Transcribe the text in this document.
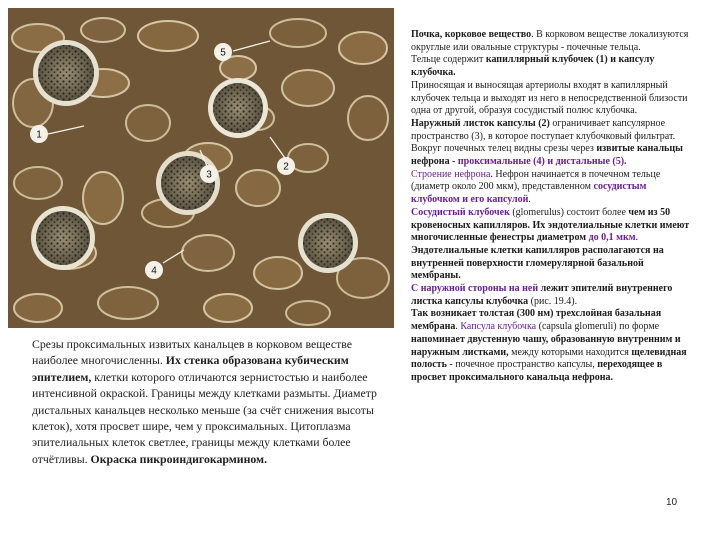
1
2
3
4
5
Срезы проксимальных извитых канальцев в корковом веществе наиболее многочисленны. Их стенка образована кубическим эпителием, клетки которого отличаются зернистостью и наиболее интенсивной окраской. Границы между клетками размыты. Диаметр дистальных канальцев несколько меньше (за счёт снижения высоты клеток), хотя просвет шире, чем у проксимальных. Цитоплазма эпителиальных клеток светлее, границы между клетками более отчётливы. Окраска пикроиндигокармином.

Почка, корковое вещество. В корковом веществе локализуются округлые или овальные структуры - почечные тельца.

Тельце содержит капиллярный клубочек (1) и капсулу клубочка.

Приносящая и выносящая артериолы входят в капиллярный клубочек тельца и выходят из него в непосредственной близости одна от другой, образуя сосудистый полюс клубочка.

Наружный листок капсулы (2) ограничивает капсулярное пространство (3), в которое поступает клубочковый фильтрат. Вокруг почечных телец видны срезы через извитые канальцы нефрона - проксимальные (4) и дистальные (5).

Строение нефрона. Нефрон начинается в почечном тельце (диаметр около 200 мкм), представленном сосудистым клубочком и его капсулой.

Сосудистый клубочек (glomerulus) состоит более чем из 50 кровеносных капилляров. Их эндотелиальные клетки имеют многочисленные фенестры диаметром до 0,1 мкм.

Эндотелиальные клетки капилляров располагаются на внутренней поверхности гломерулярной базальной мембраны.

С наружной стороны на ней лежит эпителий внутреннего листка капсулы клубочка (рис. 19.4).

Так возникает толстая (300 нм) трехслойная базальная мембрана. Капсула клубочка (capsula glomeruli) по форме напоминает двустенную чашу, образованную внутренним и наружным листками, между которыми находится щелевидная полость - почечное пространство капсулы, переходящее в просвет проксимального канальца нефрона.

10
